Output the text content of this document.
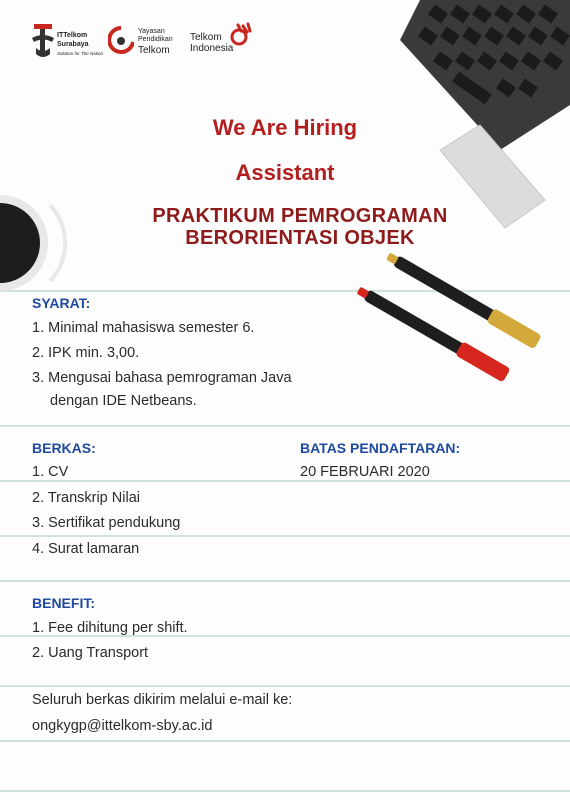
ITTelkom
Surabaya
Solution for The Nation
Yayasan
Pendidikan
Telkom
Telkom
Indonesia
We Are Hiring
Assistant
PRAKTIKUM PEMROGRAMAN
BERORIENTASI OBJEK
SYARAT:
1. Minimal mahasiswa semester 6.
2. IPK min. 3,00.
3. Mengusai bahasa pemrograman Java
dengan IDE Netbeans.
BERKAS:
1. CV
2. Transkrip Nilai
3. Sertifikat pendukung
4. Surat lamaran
BATAS PENDAFTARAN:
20 FEBRUARI 2020
BENEFIT:
1. Fee dihitung per shift.
2. Uang Transport
Seluruh berkas dikirim melalui e-mail ke:
ongkygp@ittelkom-sby.ac.id
